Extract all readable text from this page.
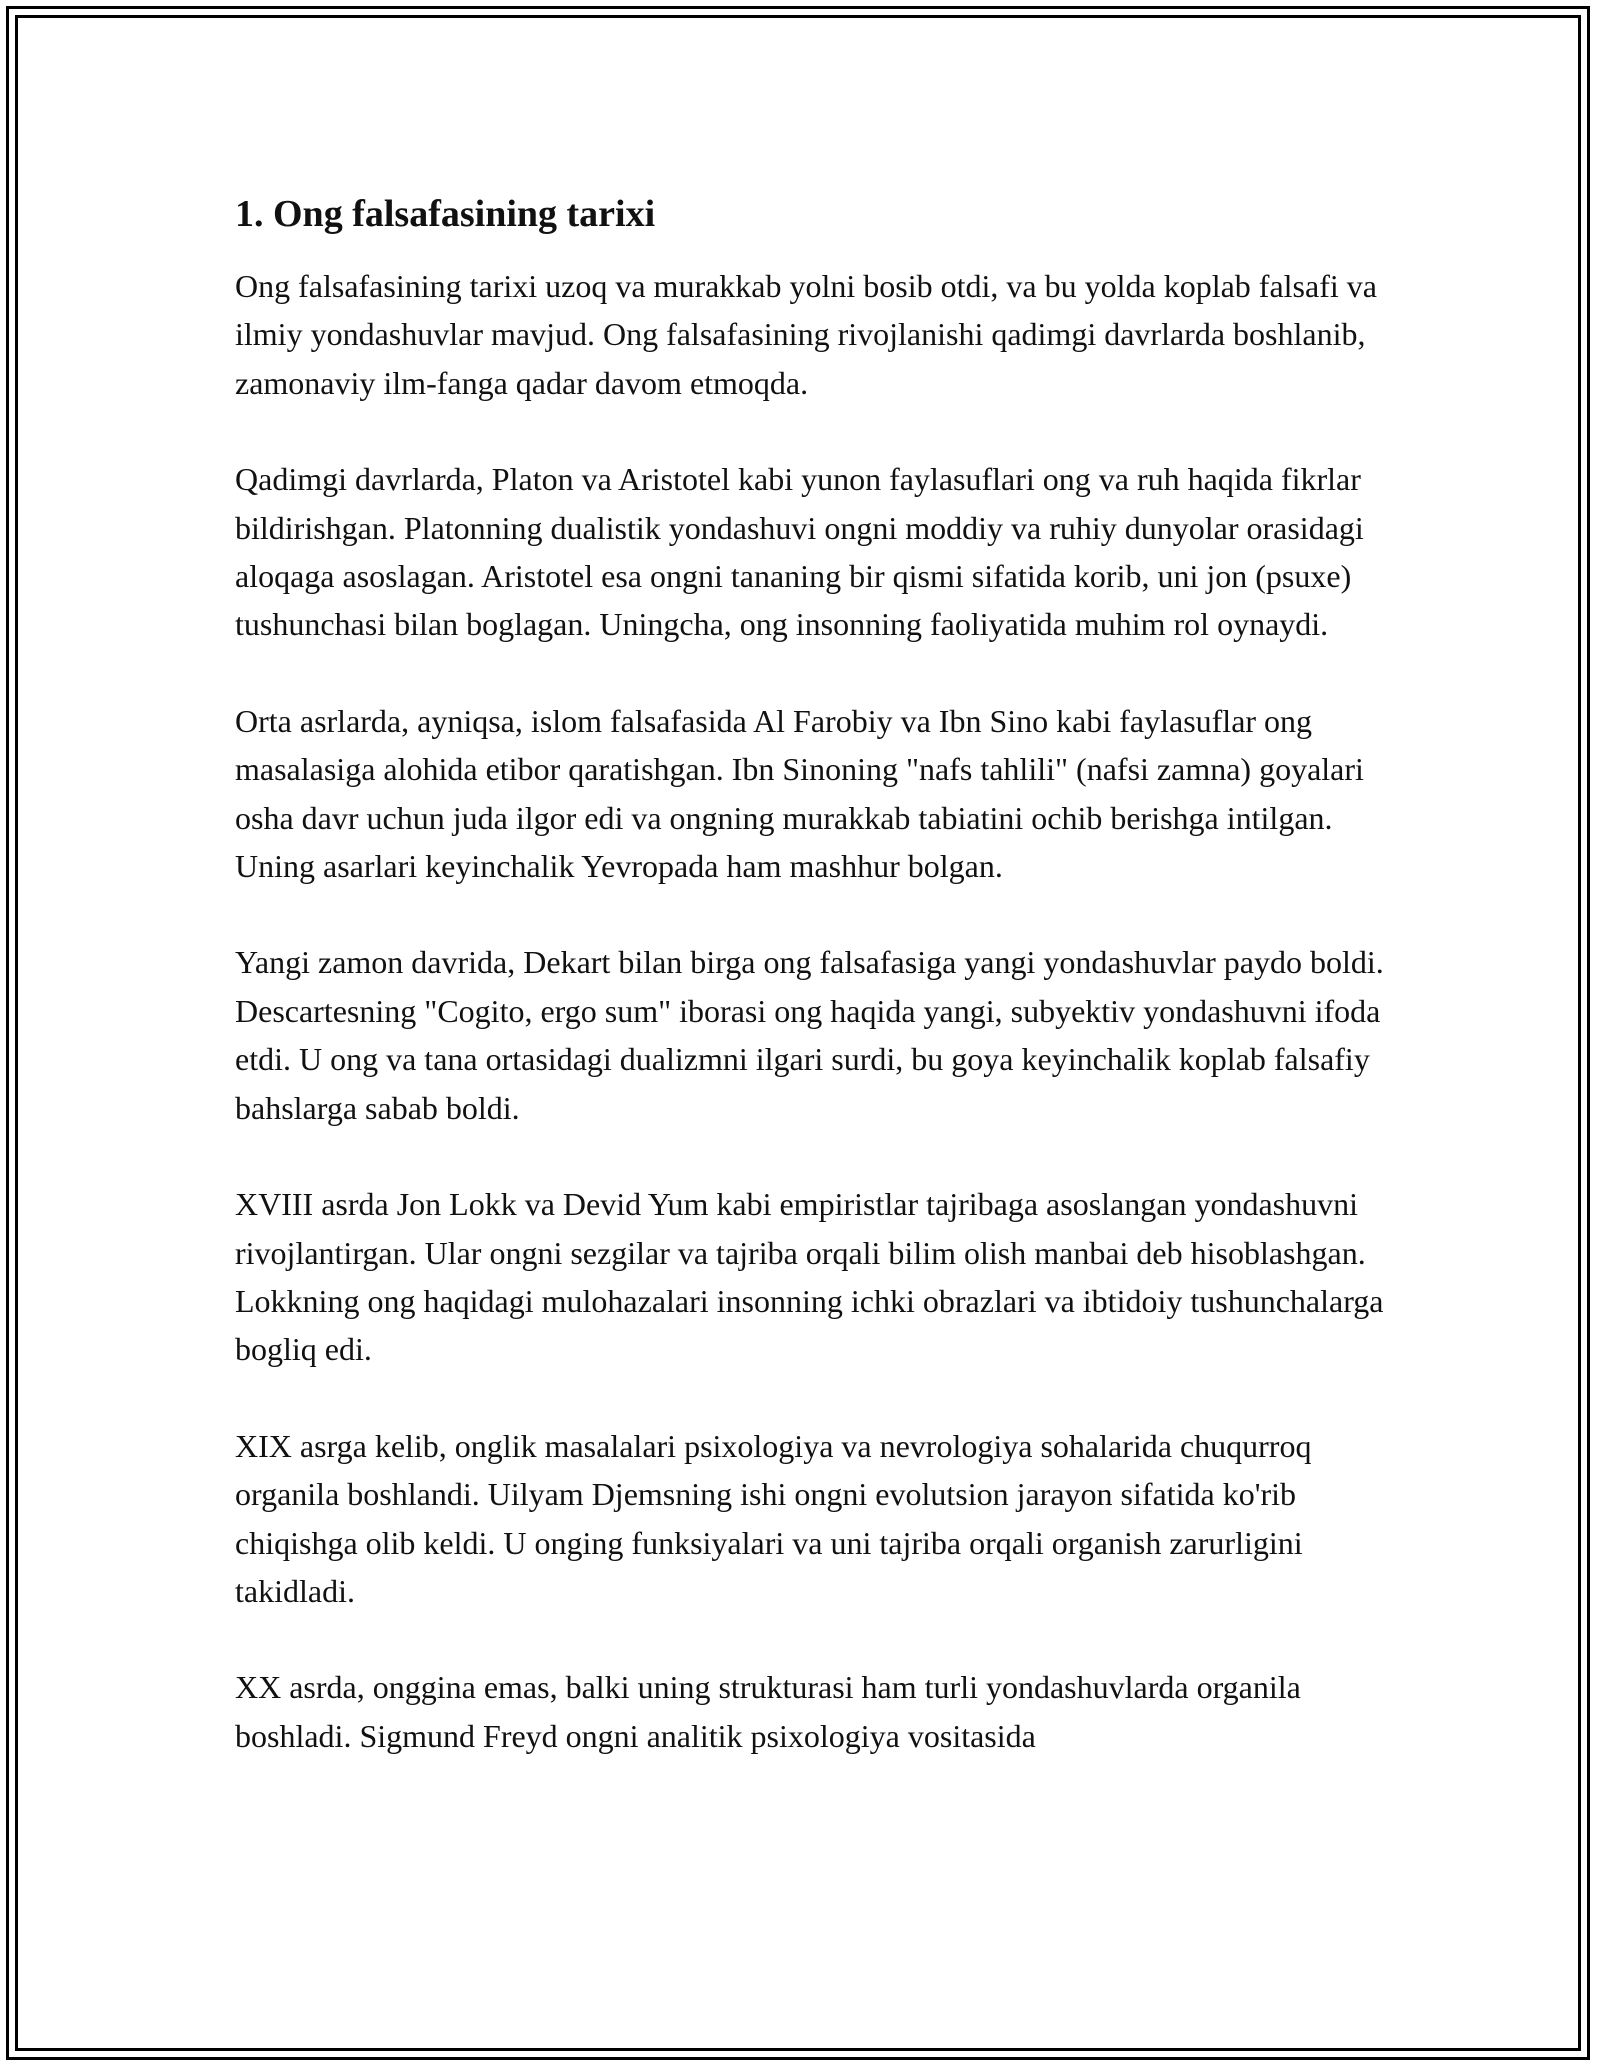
1. Ong falsafasining tarixi

Ong falsafasining tarixi uzoq va murakkab yolni bosib otdi, va bu yolda koplab falsafi va ilmiy yondashuvlar mavjud. Ong falsafasining rivojlanishi qadimgi davrlarda boshlanib, zamonaviy ilm-fanga qadar davom etmoqda.

Qadimgi davrlarda, Platon va Aristotel kabi yunon faylasuflari ong va ruh haqida fikrlar bildirishgan. Platonning dualistik yondashuvi ongni moddiy va ruhiy dunyolar orasidagi aloqaga asoslagan. Aristotel esa ongni tananing bir qismi sifatida korib, uni jon (psuxe) tushunchasi bilan boglagan. Uningcha, ong insonning faoliyatida muhim rol oynaydi.

Orta asrlarda, ayniqsa, islom falsafasida Al Farobiy va Ibn Sino kabi faylasuflar ong masalasiga alohida etibor qaratishgan. Ibn Sinoning "nafs tahlili" (nafsi zamna) goyalari osha davr uchun juda ilgor edi va ongning murakkab tabiatini ochib berishga intilgan. Uning asarlari keyinchalik Yevropada ham mashhur bolgan.

Yangi zamon davrida, Dekart bilan birga ong falsafasiga yangi yondashuvlar paydo boldi. Descartesning "Cogito, ergo sum" iborasi ong haqida yangi, subyektiv yondashuvni ifoda etdi. U ong va tana ortasidagi dualizmni ilgari surdi, bu goya keyinchalik koplab falsafiy bahslarga sabab boldi.

XVIII asrda Jon Lokk va Devid Yum kabi empiristlar tajribaga asoslangan yondashuvni rivojlantirgan. Ular ongni sezgilar va tajriba orqali bilim olish manbai deb hisoblashgan. Lokkning ong haqidagi mulohazalari insonning ichki obrazlari va ibtidoiy tushunchalarga bogliq edi.

XIX asrga kelib, onglik masalalari psixologiya va nevrologiya sohalarida chuqurroq organila boshlandi. Uilyam Djemsning ishi ongni evolutsion jarayon sifatida ko'rib chiqishga olib keldi. U onging funksiyalari va uni tajriba orqali organish zarurligini takidladi.

XX asrda, onggina emas, balki uning strukturasi ham turli yondashuvlarda organila boshladi. Sigmund Freyd ongni analitik psixologiya vositasida
